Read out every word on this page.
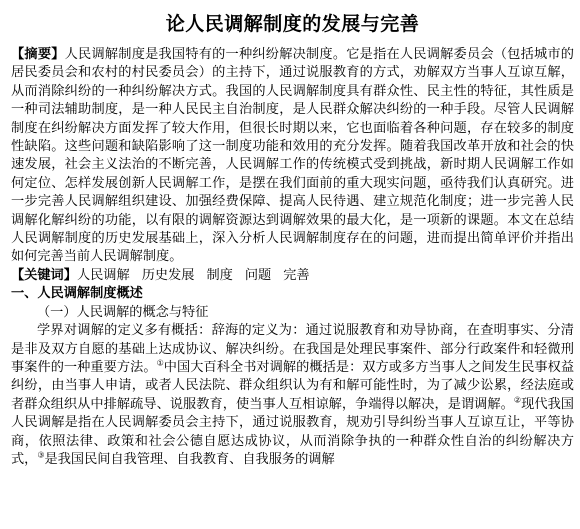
论人民调解制度的发展与完善

【摘要】人民调解制度是我国特有的一种纠纷解决制度。它是指在人民调解委员会（包括城市的居民委员会和农村的村民委员会）的主持下，通过说服教育的方式，劝解双方当事人互谅互解，从而消除纠纷的一种纠纷解决方式。我国的人民调解制度具有群众性、民主性的特征，其性质是一种司法辅助制度，是一种人民民主自治制度，是人民群众解决纠纷的一种手段。尽管人民调解制度在纠纷解决方面发挥了较大作用，但很长时期以来，它也面临着各种问题，存在较多的制度性缺陷。这些问题和缺陷影响了这一制度功能和效用的充分发挥。随着我国改革开放和社会的快速发展，社会主义法治的不断完善，人民调解工作的传统模式受到挑战，新时期人民调解工作如何定位、怎样发展创新人民调解工作，是摆在我们面前的重大现实问题，亟待我们认真研究。进一步完善人民调解组织建设、加强经费保障、提高人民待遇、建立规范化制度；进一步完善人民调解化解纠纷的功能，以有限的调解资源达到调解效果的最大化，是一项新的课题。本文在总结人民调解制度的历史发展基础上，深入分析人民调解制度存在的问题，进而提出简单评价并指出如何完善当前人民调解制度。

【关键词】人民调解 历史发展 制度 问题 完善

一、人民调解制度概述

（一）人民调解的概念与特征

学界对调解的定义多有概括：辞海的定义为：通过说服教育和劝导协商，在查明事实、分清是非及双方自愿的基础上达成协议、解决纠纷。在我国是处理民事案件、部分行政案件和轻微刑事案件的一种重要方法。①中国大百科全书对调解的概括是：双方或多方当事人之间发生民事权益纠纷，由当事人申请，或者人民法院、群众组织认为有和解可能性时，为了减少讼累，经法庭或者群众组织从中排解疏导、说服教育，使当事人互相谅解，争端得以解决，是谓调解。②现代我国人民调解是指在人民调解委员会主持下，通过说服教育，规劝引导纠纷当事人互谅互让，平等协商，依照法律、政策和社会公德自愿达成协议，从而消除争执的一种群众性自治的纠纷解决方式，③是我国民间自我管理、自我教育、自我服务的调解
